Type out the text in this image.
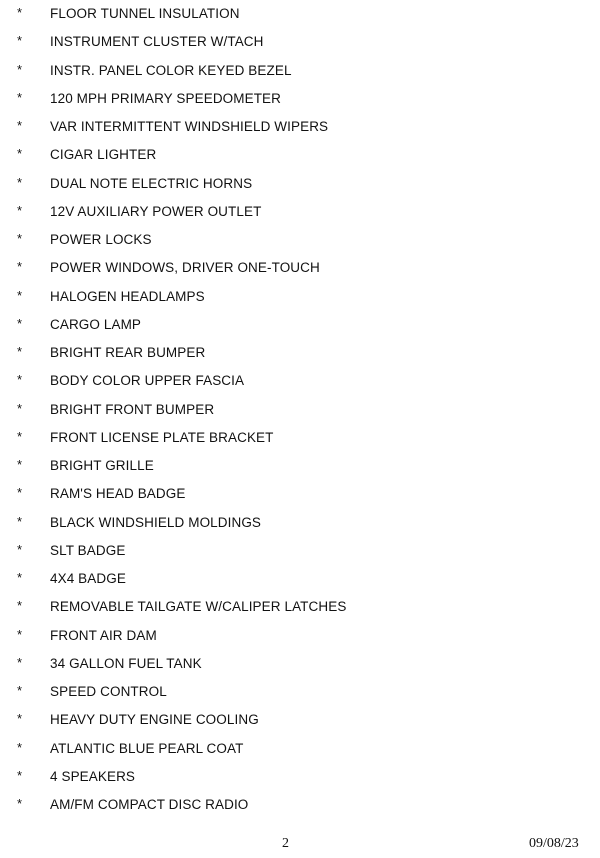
* FLOOR TUNNEL INSULATION
* INSTRUMENT CLUSTER W/TACH
* INSTR. PANEL COLOR KEYED BEZEL
* 120 MPH PRIMARY SPEEDOMETER
* VAR INTERMITTENT WINDSHIELD WIPERS
* CIGAR LIGHTER
* DUAL NOTE ELECTRIC HORNS
* 12V AUXILIARY POWER OUTLET
* POWER LOCKS
* POWER WINDOWS, DRIVER ONE-TOUCH
* HALOGEN HEADLAMPS
* CARGO LAMP
* BRIGHT REAR BUMPER
* BODY COLOR UPPER FASCIA
* BRIGHT FRONT BUMPER
* FRONT LICENSE PLATE BRACKET
* BRIGHT GRILLE
* RAM'S HEAD BADGE
* BLACK WINDSHIELD MOLDINGS
* SLT BADGE
* 4X4 BADGE
* REMOVABLE TAILGATE W/CALIPER LATCHES
* FRONT AIR DAM
* 34 GALLON FUEL TANK
* SPEED CONTROL
* HEAVY DUTY ENGINE COOLING
* ATLANTIC BLUE PEARL COAT
* 4 SPEAKERS
* AM/FM COMPACT DISC RADIO
2	09/08/23
